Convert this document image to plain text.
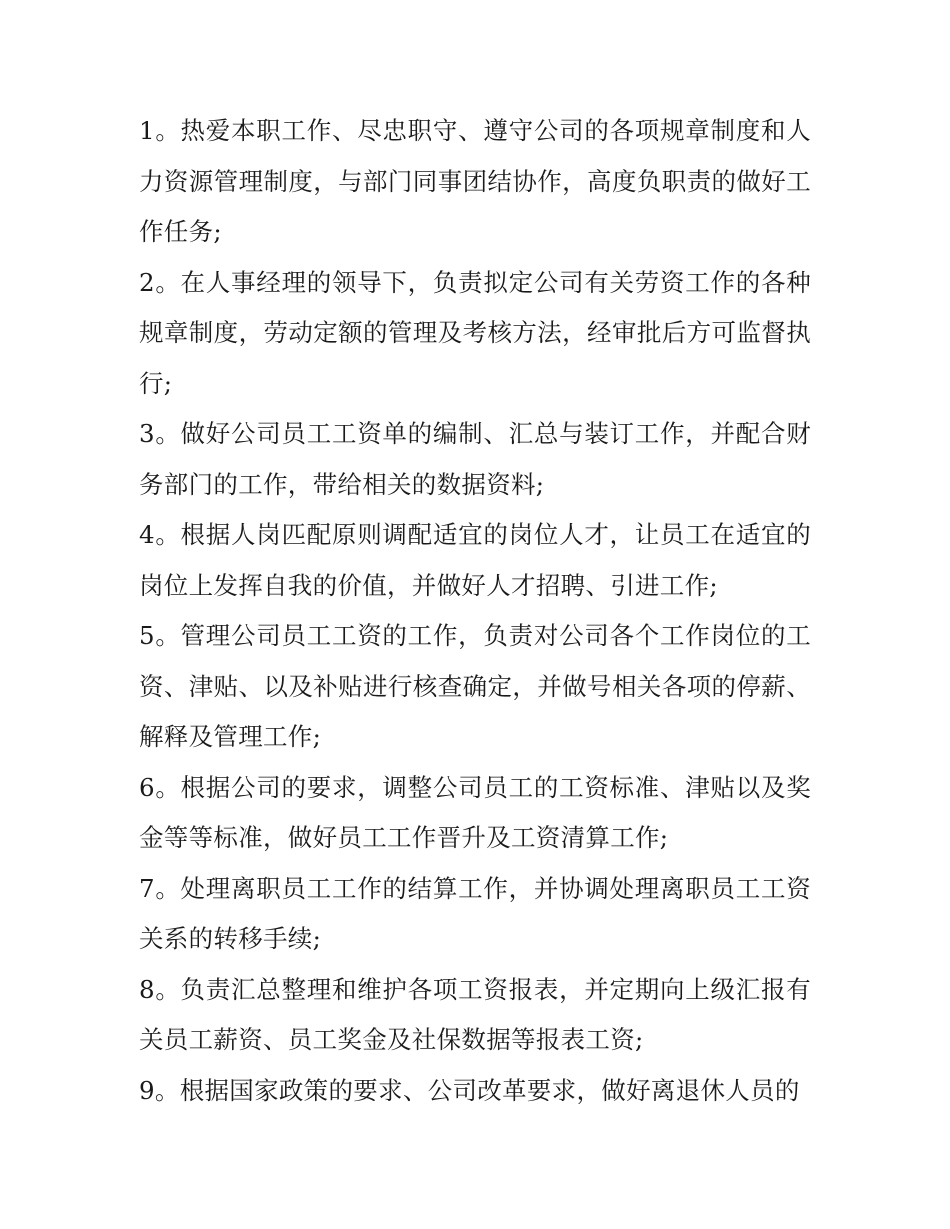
1。热爱本职工作、尽忠职守、遵守公司的各项规章制度和人力资源管理制度，与部门同事团结协作，高度负职责的做好工作任务;

2。在人事经理的领导下，负责拟定公司有关劳资工作的各种规章制度，劳动定额的管理及考核方法，经审批后方可监督执行;

3。做好公司员工工资单的编制、汇总与装订工作，并配合财务部门的工作，带给相关的数据资料;

4。根据人岗匹配原则调配适宜的岗位人才，让员工在适宜的岗位上发挥自我的价值，并做好人才招聘、引进工作;

5。管理公司员工工资的工作，负责对公司各个工作岗位的工资、津贴、以及补贴进行核查确定，并做号相关各项的停薪、解释及管理工作;

6。根据公司的要求，调整公司员工的工资标准、津贴以及奖金等等标准，做好员工工作晋升及工资清算工作;

7。处理离职员工工作的结算工作，并协调处理离职员工工资关系的转移手续;

8。负责汇总整理和维护各项工资报表，并定期向上级汇报有关员工薪资、员工奖金及社保数据等报表工资;

9。根据国家政策的要求、公司改革要求，做好离退休人员的
